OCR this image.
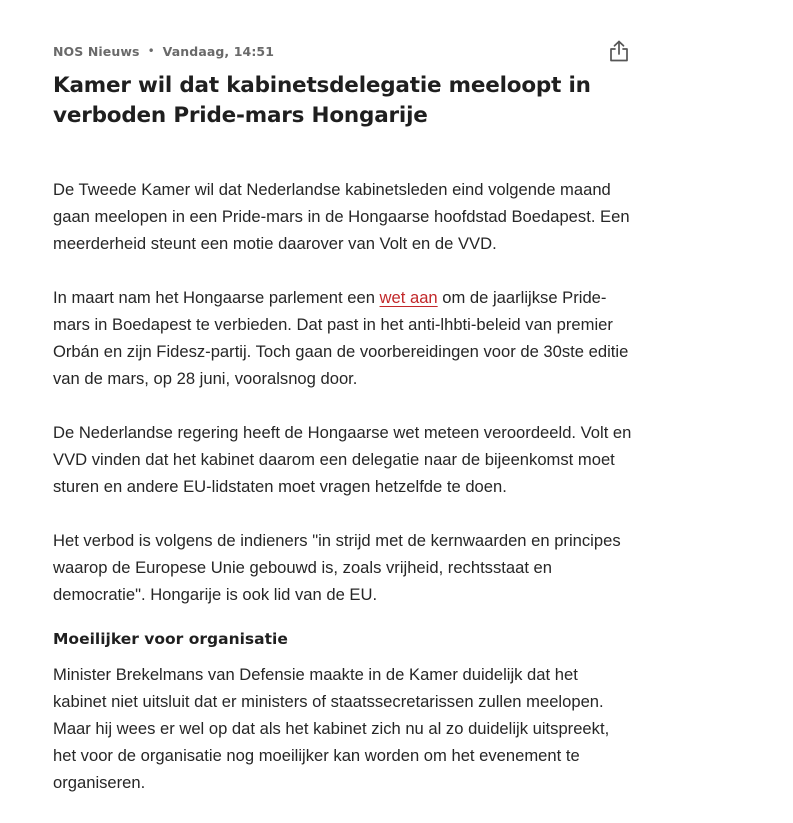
NOS Nieuws • Vandaag, 14:51
Kamer wil dat kabinetsdelegatie meeloopt in verboden Pride-mars Hongarije

De Tweede Kamer wil dat Nederlandse kabinetsleden eind volgende maand gaan meelopen in een Pride-mars in de Hongaarse hoofdstad Boedapest. Een meerderheid steunt een motie daarover van Volt en de VVD.

In maart nam het Hongaarse parlement een wet aan om de jaarlijkse Pride-mars in Boedapest te verbieden. Dat past in het anti-lhbti-beleid van premier Orbán en zijn Fidesz-partij. Toch gaan de voorbereidingen voor de 30ste editie van de mars, op 28 juni, vooralsnog door.

De Nederlandse regering heeft de Hongaarse wet meteen veroordeeld. Volt en VVD vinden dat het kabinet daarom een delegatie naar de bijeenkomst moet sturen en andere EU-lidstaten moet vragen hetzelfde te doen.

Het verbod is volgens de indieners "in strijd met de kernwaarden en principes waarop de Europese Unie gebouwd is, zoals vrijheid, rechtsstaat en democratie". Hongarije is ook lid van de EU.

Moeilijker voor organisatie

Minister Brekelmans van Defensie maakte in de Kamer duidelijk dat het kabinet niet uitsluit dat er ministers of staatssecretarissen zullen meelopen. Maar hij wees er wel op dat als het kabinet zich nu al zo duidelijk uitspreekt, het voor de organisatie nog moeilijker kan worden om het evenement te organiseren.
